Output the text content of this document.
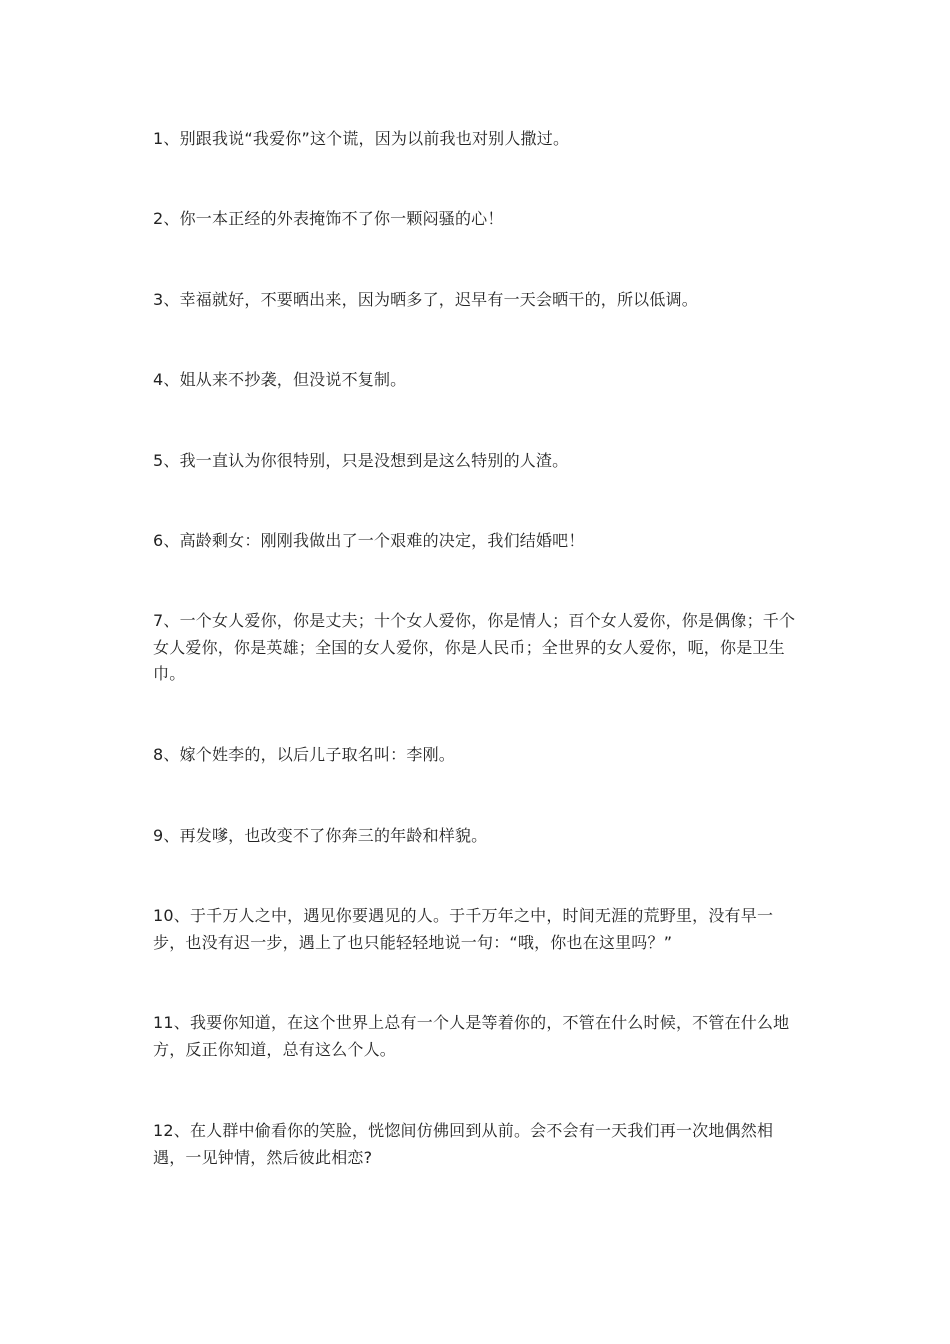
1、别跟我说“我爱你”这个谎，因为以前我也对别人撒过。

2、你一本正经的外表掩饰不了你一颗闷骚的心！

3、幸福就好，不要晒出来，因为晒多了，迟早有一天会晒干的，所以低调。

4、姐从来不抄袭，但没说不复制。

5、我一直认为你很特别，只是没想到是这么特别的人渣。

6、高龄剩女：刚刚我做出了一个艰难的决定，我们结婚吧！

7、一个女人爱你，你是丈夫；十个女人爱你，你是情人；百个女人爱你，你是偶像；千个女人爱你，你是英雄；全国的女人爱你，你是人民币；全世界的女人爱你，呃，你是卫生巾。

8、嫁个姓李的，以后儿子取名叫：李刚。

9、再发嗲，也改变不了你奔三的年龄和样貌。

10、于千万人之中，遇见你要遇见的人。于千万年之中，时间无涯的荒野里，没有早一步，也没有迟一步，遇上了也只能轻轻地说一句：“哦，你也在这里吗？”

11、我要你知道，在这个世界上总有一个人是等着你的，不管在什么时候，不管在什么地方，反正你知道，总有这么个人。

12、在人群中偷看你的笑脸，恍惚间仿佛回到从前。会不会有一天我们再一次地偶然相遇，一见钟情，然后彼此相恋?
